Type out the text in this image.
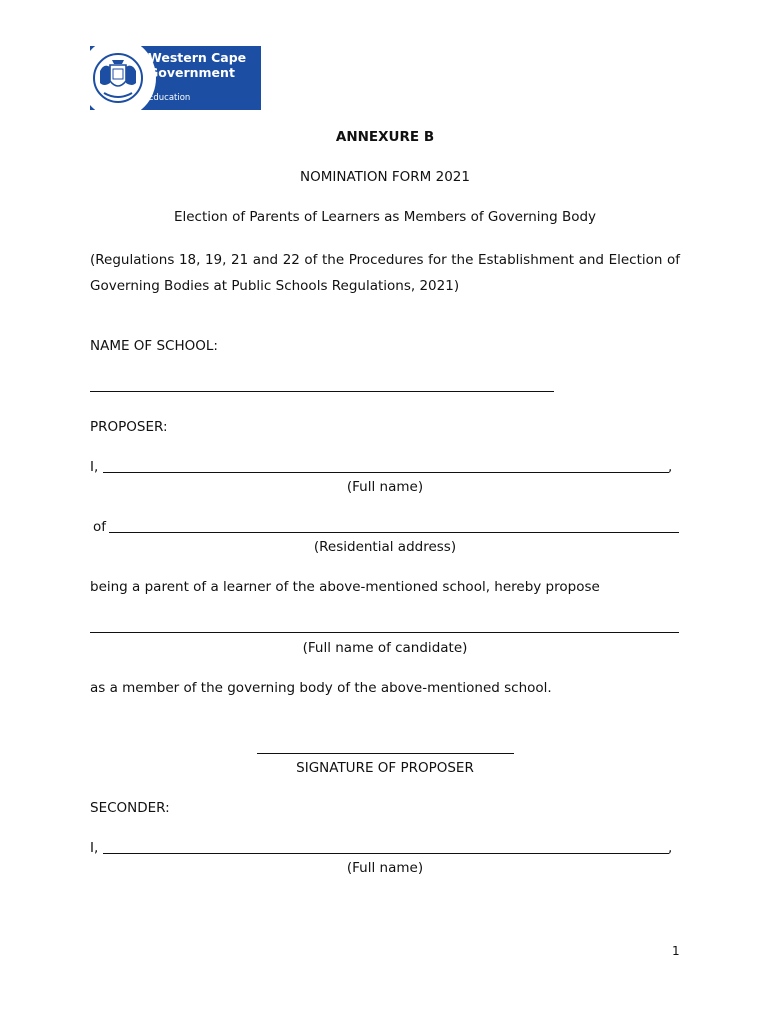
Western Cape
Government
Education
ANNEXURE B
NOMINATION FORM 2021
Election of Parents of Learners as Members of Governing Body
(Regulations 18, 19, 21 and 22 of the Procedures for the Establishment and Election of Governing Bodies at Public Schools Regulations, 2021)
NAME OF SCHOOL:
PROPOSER:
I,	,
(Full name)
of
(Residential address)
being a parent of a learner of the above-mentioned school, hereby propose
(Full name of candidate)
as a member of the governing body of the above-mentioned school.
SIGNATURE OF PROPOSER
SECONDER:
I,	,
(Full name)
1
